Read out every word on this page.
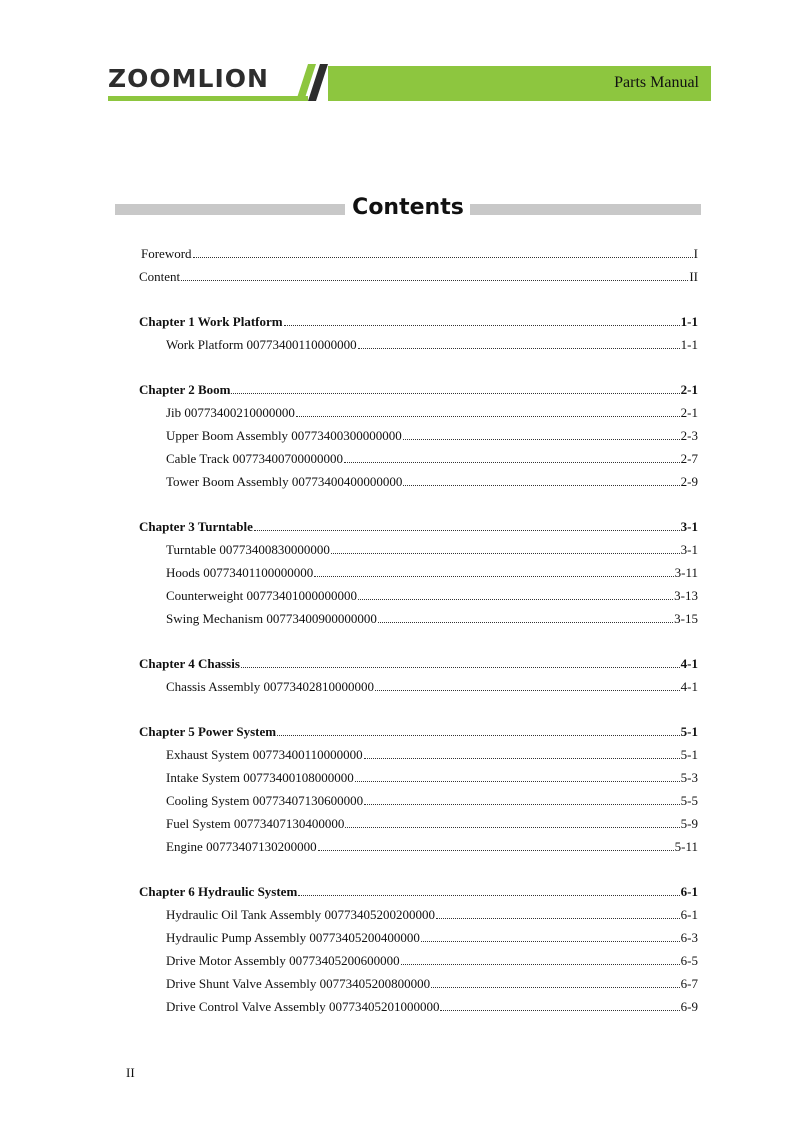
ZOOMLION	Parts Manual
Contents
Foreword	I
Content	II
Chapter 1 Work Platform	1-1
Work Platform 00773400110000000	1-1
Chapter 2 Boom	2-1
Jib 00773400210000000	2-1
Upper Boom Assembly 00773400300000000	2-3
Cable Track 00773400700000000	2-7
Tower Boom Assembly 00773400400000000	2-9
Chapter 3 Turntable	3-1
Turntable 00773400830000000	3-1
Hoods 00773401100000000	3-11
Counterweight 00773401000000000	3-13
Swing Mechanism 00773400900000000	3-15
Chapter 4 Chassis	4-1
Chassis Assembly 00773402810000000	4-1
Chapter 5 Power System	5-1
Exhaust System 00773400110000000	5-1
Intake System 00773400108000000	5-3
Cooling System 00773407130600000	5-5
Fuel System 00773407130400000	5-9
Engine 00773407130200000	5-11
Chapter 6 Hydraulic System	6-1
Hydraulic Oil Tank Assembly 00773405200200000	6-1
Hydraulic Pump Assembly 00773405200400000	6-3
Drive Motor Assembly 00773405200600000	6-5
Drive Shunt Valve Assembly 00773405200800000	6-7
Drive Control Valve Assembly 00773405201000000	6-9
II
